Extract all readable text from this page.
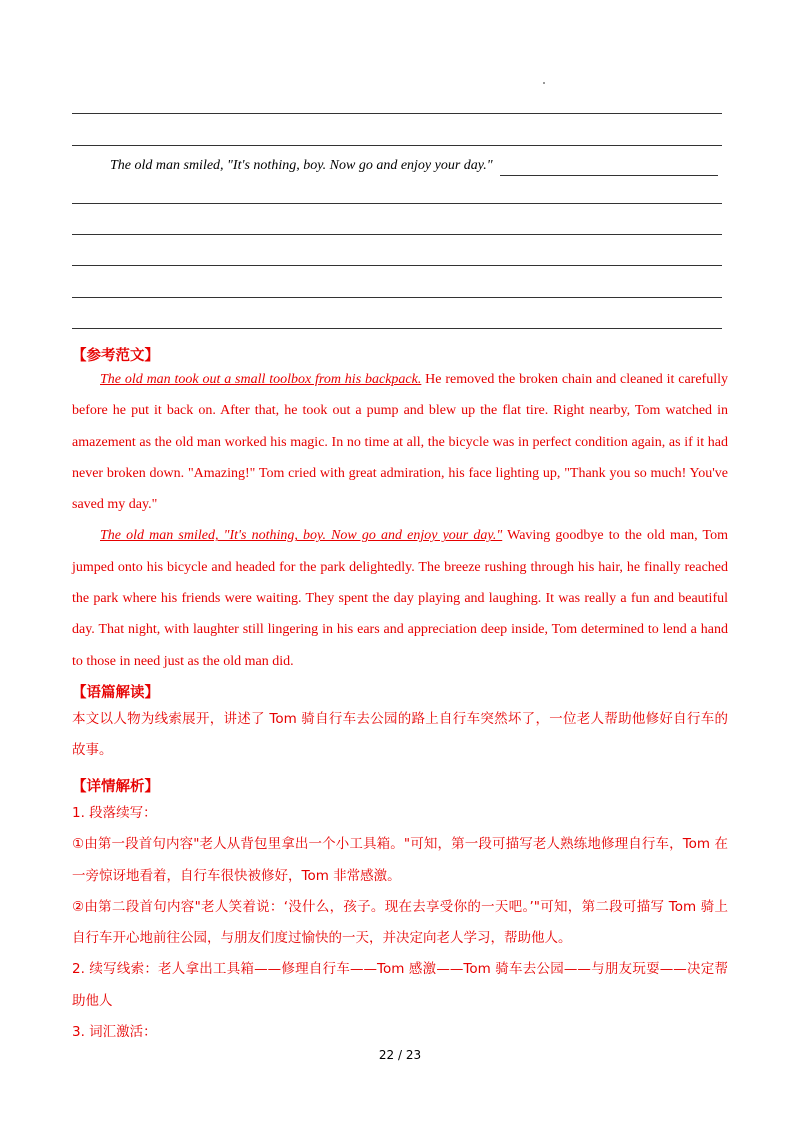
The old man smiled, "It's nothing, boy. Now go and enjoy your day."
【参考范文】

The old man took out a small toolbox from his backpack. He removed the broken chain and cleaned it carefully before he put it back on. After that, he took out a pump and blew up the flat tire. Right nearby, Tom watched in amazement as the old man worked his magic. In no time at all, the bicycle was in perfect condition again, as if it had never broken down. "Amazing!" Tom cried with great admiration, his face lighting up, "Thank you so much! You've saved my day."

The old man smiled, "It's nothing, boy. Now go and enjoy your day." Waving goodbye to the old man, Tom jumped onto his bicycle and headed for the park delightedly. The breeze rushing through his hair, he finally reached the park where his friends were waiting. They spent the day playing and laughing. It was really a fun and beautiful day. That night, with laughter still lingering in his ears and appreciation deep inside, Tom determined to lend a hand to those in need just as the old man did.

【语篇解读】

本文以人物为线索展开，讲述了 Tom 骑自行车去公园的路上自行车突然坏了，一位老人帮助他修好自行车的故事。

【详情解析】

1. 段落续写：

①由第一段首句内容"老人从背包里拿出一个小工具箱。"可知，第一段可描写老人熟练地修理自行车，Tom 在一旁惊讶地看着，自行车很快被修好，Tom 非常感激。

②由第二段首句内容"老人笑着说：‘没什么，孩子。现在去享受你的一天吧。’"可知，第二段可描写 Tom 骑上自行车开心地前往公园，与朋友们度过愉快的一天，并决定向老人学习，帮助他人。

2. 续写线索：老人拿出工具箱——修理自行车——Tom 感激——Tom 骑车去公园——与朋友玩耍——决定帮助他人

3. 词汇激活：

22 / 23
